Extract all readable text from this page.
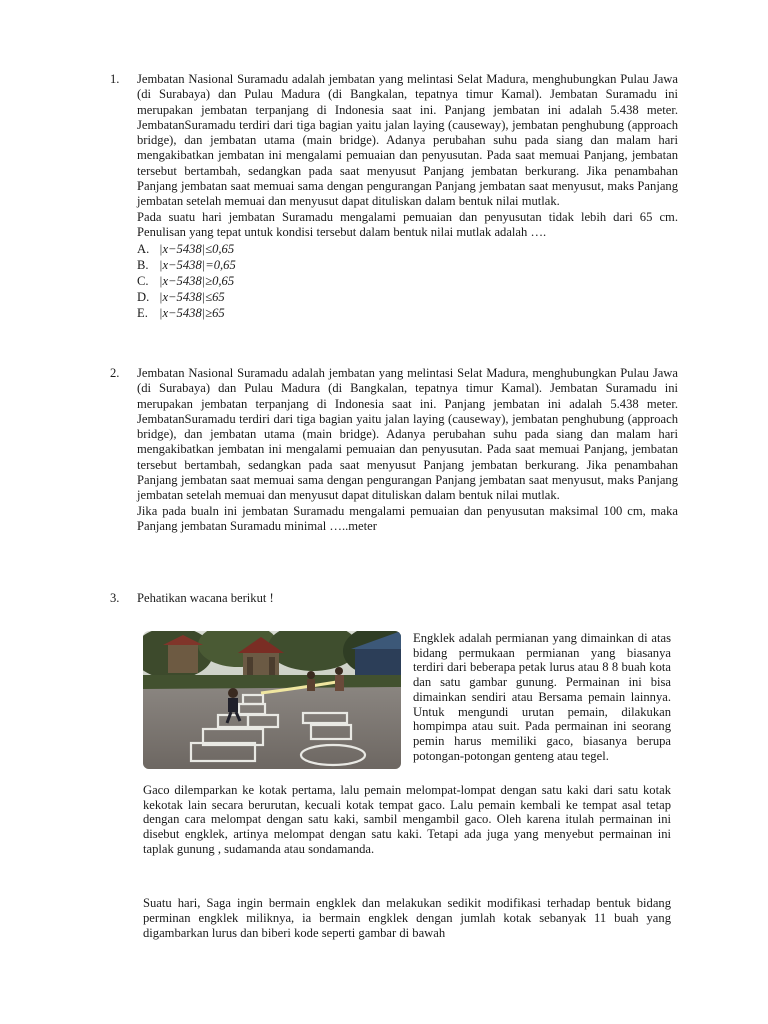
1. Jembatan Nasional Suramadu adalah jembatan yang melintasi Selat Madura, menghubungkan Pulau Jawa (di Surabaya) dan Pulau Madura (di Bangkalan, tepatnya timur Kamal). Jembatan Suramadu ini merupakan jembatan terpanjang di Indonesia saat ini. Panjang jembatan ini adalah 5.438 meter. JembatanSuramadu terdiri dari tiga bagian yaitu jalan laying (causeway), jembatan penghubung (approach bridge), dan jembatan utama (main bridge). Adanya perubahan suhu pada siang dan malam hari mengakibatkan jembatan ini mengalami pemuaian dan penyusutan. Pada saat memuai Panjang, jembatan tersebut bertambah, sedangkan pada saat menyusut Panjang jembatan berkurang. Jika penambahan Panjang jembatan saat memuai sama dengan pengurangan Panjang jembatan saat menyusut, maks Panjang jembatan setelah memuai dan menyusut dapat dituliskan dalam bentuk nilai mutlak.

Pada suatu hari jembatan Suramadu mengalami pemuaian dan penyusutan tidak lebih dari 65 cm. Penulisan yang tepat untuk kondisi tersebut dalam bentuk nilai mutlak adalah ….

A. |x−5438|≤0,65
B. |x−5438|=0,65
C. |x−5438|≥0,65
D. |x−5438|≤65
E. |x−5438|≥65
2. Jembatan Nasional Suramadu adalah jembatan yang melintasi Selat Madura, menghubungkan Pulau Jawa (di Surabaya) dan Pulau Madura (di Bangkalan, tepatnya timur Kamal). Jembatan Suramadu ini merupakan jembatan terpanjang di Indonesia saat ini. Panjang jembatan ini adalah 5.438 meter. JembatanSuramadu terdiri dari tiga bagian yaitu jalan laying (causeway), jembatan penghubung (approach bridge), dan jembatan utama (main bridge). Adanya perubahan suhu pada siang dan malam hari mengakibatkan jembatan ini mengalami pemuaian dan penyusutan. Pada saat memuai Panjang, jembatan tersebut bertambah, sedangkan pada saat menyusut Panjang jembatan berkurang. Jika penambahan Panjang jembatan saat memuai sama dengan pengurangan Panjang jembatan saat menyusut, maks Panjang jembatan setelah memuai dan menyusut dapat dituliskan dalam bentuk nilai mutlak.

Jika pada bualn ini jembatan Suramadu mengalami pemuaian dan penyusutan maksimal 100 cm, maka Panjang jembatan Suramadu minimal …..meter

3. Pehatikan wacana berikut !

Engklek adalah permianan yang dimainkan di atas bidang permukaan permianan yang biasanya terdiri dari beberapa petak lurus atau 8 8 buah kota dan satu gambar gunung. Permainan ini bisa dimainkan sendiri atau Bersama pemain lainnya. Untuk mengundi urutan pemain, dilakukan hompimpa atau suit. Pada permainan ini seorang pemin harus memiliki gaco, biasanya berupa potongan-potongan genteng atau tegel.
Gaco dilemparkan ke kotak pertama, lalu pemain melompat-lompat dengan satu kaki dari satu kotak kekotak lain secara berurutan, kecuali kotak tempat gaco. Lalu pemain kembali ke tempat asal tetap dengan cara melompat dengan satu kaki, sambil mengambil gaco. Oleh karena itulah permainan ini disebut engklek, artinya melompat dengan satu kaki. Tetapi ada juga yang menyebut permainan ini taplak gunung , sudamanda atau sondamanda.
Suatu hari, Saga ingin bermain engklek dan melakukan sedikit modifikasi terhadap bentuk bidang perminan engklek miliknya, ia bermain engklek dengan jumlah kotak sebanyak 11 buah yang digambarkan lurus dan biberi kode seperti gambar di bawah
